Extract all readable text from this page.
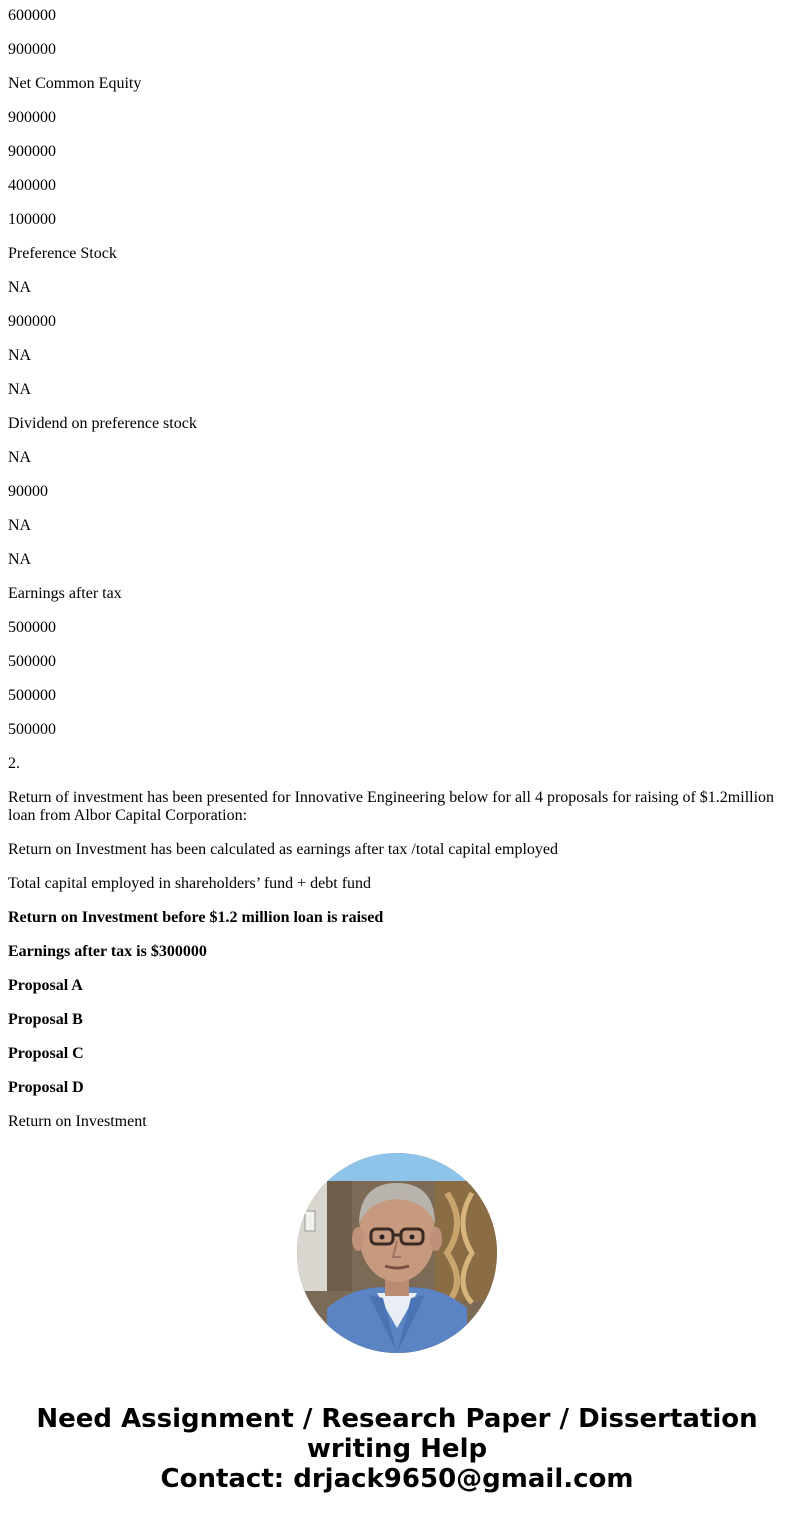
600000

900000

Net Common Equity

900000

900000

400000

100000

Preference Stock

NA

900000

NA

NA

Dividend on preference stock

NA

90000

NA

NA

Earnings after tax

500000

500000

500000

500000

2.

Return of investment has been presented for Innovative Engineering below for all 4 proposals for raising of $1.2million loan from Albor Capital Corporation:

Return on Investment has been calculated as earnings after tax /total capital employed

Total capital employed in shareholders’ fund + debt fund

Return on Investment before $1.2 million loan is raised

Earnings after tax is $300000

Proposal A

Proposal B

Proposal C

Proposal D

Return on Investment

Need Assignment / Research Paper / Dissertation
writing Help
Contact: drjack9650@gmail.com
